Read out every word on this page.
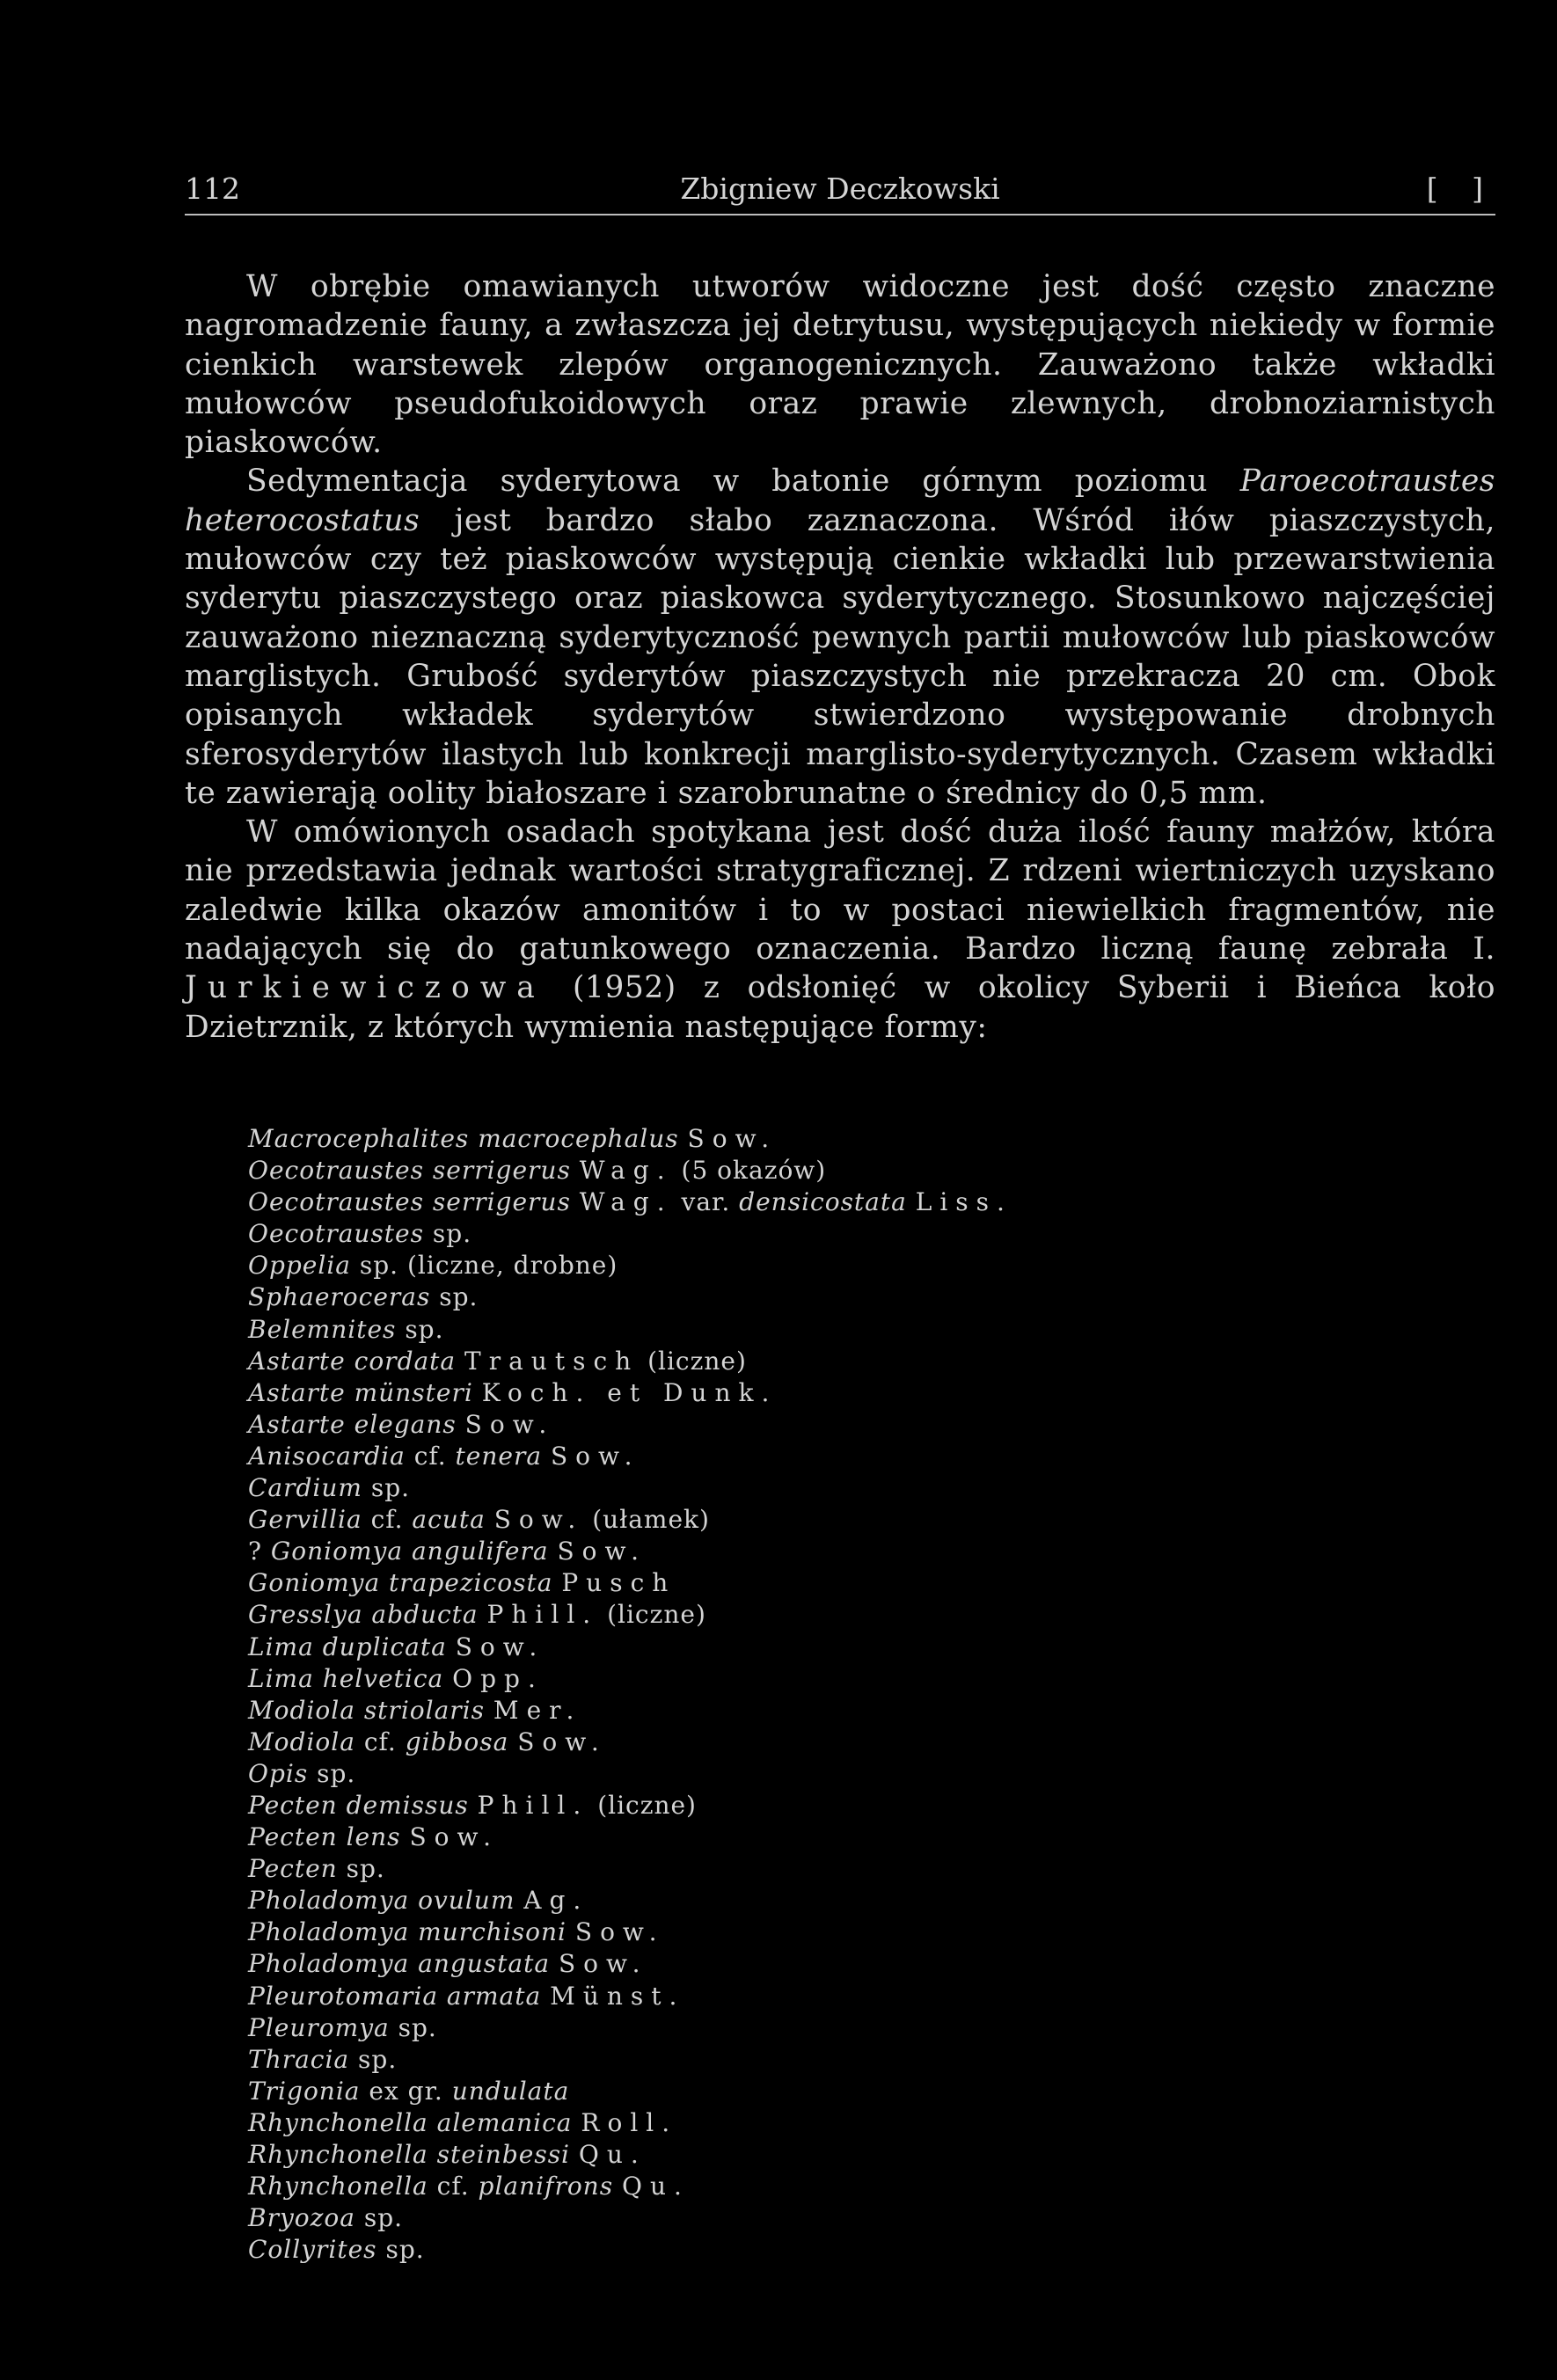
112	Zbigniew Deczkowski	[ ]

W obrębie omawianych utworów widoczne jest dość często znaczne nagromadzenie fauny, a zwłaszcza jej detrytusu, występujących niekiedy w formie cienkich warstewek zlepów organogenicznych. Zauważono także wkładki mułowców pseudofukoidowych oraz prawie zlewnych, drobnoziarnistych piaskowców.

Sedymentacja syderytowa w batonie górnym poziomu Paroecotraustes heterocostatus jest bardzo słabo zaznaczona. Wśród iłów piaszczystych, mułowców czy też piaskowców występują cienkie wkładki lub przewarstwienia syderytu piaszczystego oraz piaskowca syderytycznego. Stosunkowo najczęściej zauważono nieznaczną syderytyczność pewnych partii mułowców lub piaskowców marglistych. Grubość syderytów piaszczystych nie przekracza 20 cm. Obok opisanych wkładek syderytów stwierdzono występowanie drobnych sferosyderytów ilastych lub konkrecji marglisto-syderytycznych. Czasem wkładki te zawierają oolity białoszare i szarobrunatne o średnicy do 0,5 mm.

W omówionych osadach spotykana jest dość duża ilość fauny małżów, która nie przedstawia jednak wartości stratygraficznej. Z rdzeni wiertniczych uzyskano zaledwie kilka okazów amonitów i to w postaci niewielkich fragmentów, nie nadających się do gatunkowego oznaczenia. Bardzo liczną faunę zebrała I. Jurkiewiczowa (1952) z odsłonięć w okolicy Syberii i Bieńca koło Dzietrznik, z których wymienia następujące formy:

Macrocephalites macrocephalus Sow.
Oecotraustes serrigerus Wag. (5 okazów)
Oecotraustes serrigerus Wag. var. densicostata Liss.
Oecotraustes sp.
Oppelia sp. (liczne, drobne)
Sphaeroceras sp.
Belemnites sp.
Astarte cordata Trautsch (liczne)
Astarte münsteri Koch. et Dunk.
Astarte elegans Sow.
Anisocardia cf. tenera Sow.
Cardium sp.
Gervillia cf. acuta Sow. (ułamek)
? Goniomya angulifera Sow.
Goniomya trapezicosta Pusch
Gresslya abducta Phill. (liczne)
Lima duplicata Sow.
Lima helvetica Opp.
Modiola striolaris Mer.
Modiola cf. gibbosa Sow.
Opis sp.
Pecten demissus Phill. (liczne)
Pecten lens Sow.
Pecten sp.
Pholadomya ovulum Ag.
Pholadomya murchisoni Sow.
Pholadomya angustata Sow.
Pleurotomaria armata Münst.
Pleuromya sp.
Thracia sp.
Trigonia ex gr. undulata
Rhynchonella alemanica Roll.
Rhynchonella steinbessi Qu.
Rhynchonella cf. planifrons Qu.
Bryozoa sp.
Collyrites sp.
